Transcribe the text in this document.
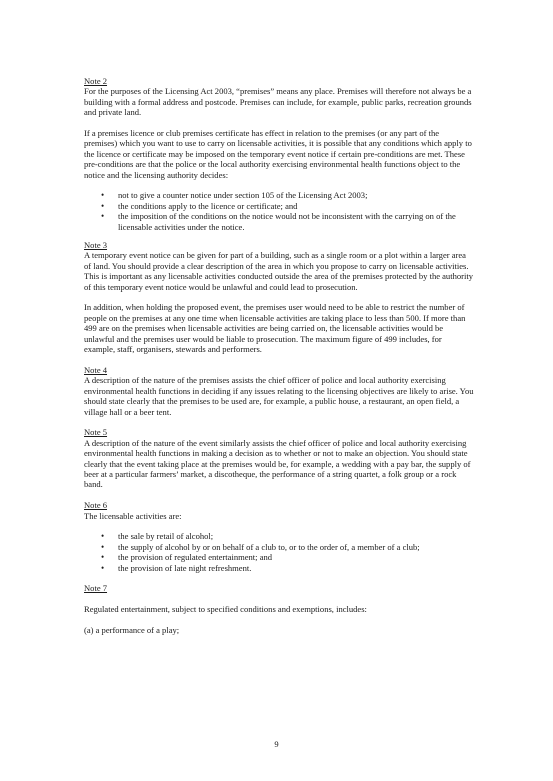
Note 2

For the purposes of the Licensing Act 2003, “premises” means any place. Premises will therefore not always be a building with a formal address and postcode. Premises can include, for example, public parks, recreation grounds and private land.

If a premises licence or club premises certificate has effect in relation to the premises (or any part of the premises) which you want to use to carry on licensable activities, it is possible that any conditions which apply to the licence or certificate may be imposed on the temporary event notice if certain pre-conditions are met. These pre-conditions are that the police or the local authority exercising environmental health functions object to the notice and the licensing authority decides:

• not to give a counter notice under section 105 of the Licensing Act 2003;
• the conditions apply to the licence or certificate; and
• the imposition of the conditions on the notice would not be inconsistent with the carrying on of the licensable activities under the notice.
Note 3

A temporary event notice can be given for part of a building, such as a single room or a plot within a larger area of land. You should provide a clear description of the area in which you propose to carry on licensable activities. This is important as any licensable activities conducted outside the area of the premises protected by the authority of this temporary event notice would be unlawful and could lead to prosecution.

In addition, when holding the proposed event, the premises user would need to be able to restrict the number of people on the premises at any one time when licensable activities are taking place to less than 500. If more than 499 are on the premises when licensable activities are being carried on, the licensable activities would be unlawful and the premises user would be liable to prosecution. The maximum figure of 499 includes, for example, staff, organisers, stewards and performers.

Note 4

A description of the nature of the premises assists the chief officer of police and local authority exercising environmental health functions in deciding if any issues relating to the licensing objectives are likely to arise. You should state clearly that the premises to be used are, for example, a public house, a restaurant, an open field, a village hall or a beer tent.

Note 5

A description of the nature of the event similarly assists the chief officer of police and local authority exercising environmental health functions in making a decision as to whether or not to make an objection. You should state clearly that the event taking place at the premises would be, for example, a wedding with a pay bar, the supply of beer at a particular farmers’ market, a discotheque, the performance of a string quartet, a folk group or a rock band.

Note 6

The licensable activities are:

• the sale by retail of alcohol;
• the supply of alcohol by or on behalf of a club to, or to the order of, a member of a club;
• the provision of regulated entertainment; and
• the provision of late night refreshment.
Note 7

Regulated entertainment, subject to specified conditions and exemptions, includes:

(a) a performance of a play;

9
